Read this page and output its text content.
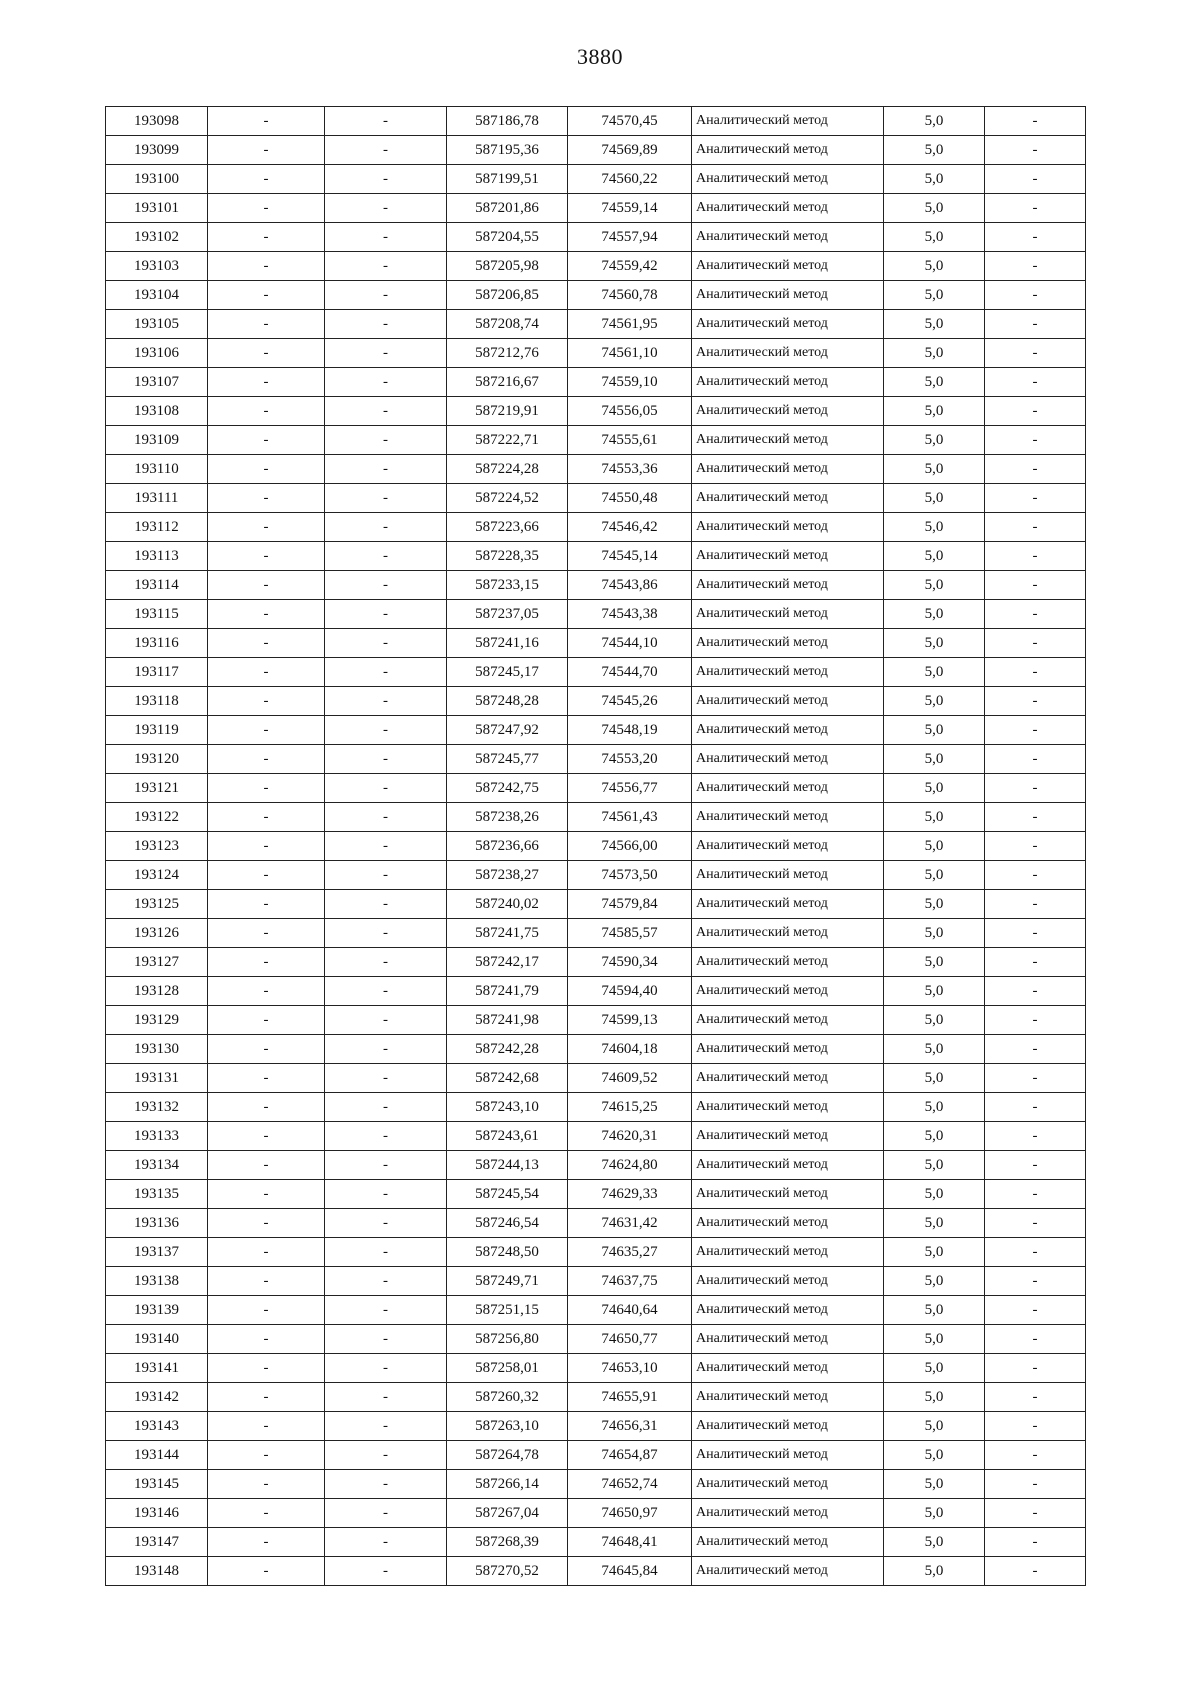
3880
193098	-	-	587186,78	74570,45	Аналитический метод	5,0	-
193099	-	-	587195,36	74569,89	Аналитический метод	5,0	-
193100	-	-	587199,51	74560,22	Аналитический метод	5,0	-
193101	-	-	587201,86	74559,14	Аналитический метод	5,0	-
193102	-	-	587204,55	74557,94	Аналитический метод	5,0	-
193103	-	-	587205,98	74559,42	Аналитический метод	5,0	-
193104	-	-	587206,85	74560,78	Аналитический метод	5,0	-
193105	-	-	587208,74	74561,95	Аналитический метод	5,0	-
193106	-	-	587212,76	74561,10	Аналитический метод	5,0	-
193107	-	-	587216,67	74559,10	Аналитический метод	5,0	-
193108	-	-	587219,91	74556,05	Аналитический метод	5,0	-
193109	-	-	587222,71	74555,61	Аналитический метод	5,0	-
193110	-	-	587224,28	74553,36	Аналитический метод	5,0	-
193111	-	-	587224,52	74550,48	Аналитический метод	5,0	-
193112	-	-	587223,66	74546,42	Аналитический метод	5,0	-
193113	-	-	587228,35	74545,14	Аналитический метод	5,0	-
193114	-	-	587233,15	74543,86	Аналитический метод	5,0	-
193115	-	-	587237,05	74543,38	Аналитический метод	5,0	-
193116	-	-	587241,16	74544,10	Аналитический метод	5,0	-
193117	-	-	587245,17	74544,70	Аналитический метод	5,0	-
193118	-	-	587248,28	74545,26	Аналитический метод	5,0	-
193119	-	-	587247,92	74548,19	Аналитический метод	5,0	-
193120	-	-	587245,77	74553,20	Аналитический метод	5,0	-
193121	-	-	587242,75	74556,77	Аналитический метод	5,0	-
193122	-	-	587238,26	74561,43	Аналитический метод	5,0	-
193123	-	-	587236,66	74566,00	Аналитический метод	5,0	-
193124	-	-	587238,27	74573,50	Аналитический метод	5,0	-
193125	-	-	587240,02	74579,84	Аналитический метод	5,0	-
193126	-	-	587241,75	74585,57	Аналитический метод	5,0	-
193127	-	-	587242,17	74590,34	Аналитический метод	5,0	-
193128	-	-	587241,79	74594,40	Аналитический метод	5,0	-
193129	-	-	587241,98	74599,13	Аналитический метод	5,0	-
193130	-	-	587242,28	74604,18	Аналитический метод	5,0	-
193131	-	-	587242,68	74609,52	Аналитический метод	5,0	-
193132	-	-	587243,10	74615,25	Аналитический метод	5,0	-
193133	-	-	587243,61	74620,31	Аналитический метод	5,0	-
193134	-	-	587244,13	74624,80	Аналитический метод	5,0	-
193135	-	-	587245,54	74629,33	Аналитический метод	5,0	-
193136	-	-	587246,54	74631,42	Аналитический метод	5,0	-
193137	-	-	587248,50	74635,27	Аналитический метод	5,0	-
193138	-	-	587249,71	74637,75	Аналитический метод	5,0	-
193139	-	-	587251,15	74640,64	Аналитический метод	5,0	-
193140	-	-	587256,80	74650,77	Аналитический метод	5,0	-
193141	-	-	587258,01	74653,10	Аналитический метод	5,0	-
193142	-	-	587260,32	74655,91	Аналитический метод	5,0	-
193143	-	-	587263,10	74656,31	Аналитический метод	5,0	-
193144	-	-	587264,78	74654,87	Аналитический метод	5,0	-
193145	-	-	587266,14	74652,74	Аналитический метод	5,0	-
193146	-	-	587267,04	74650,97	Аналитический метод	5,0	-
193147	-	-	587268,39	74648,41	Аналитический метод	5,0	-
193148	-	-	587270,52	74645,84	Аналитический метод	5,0	-
